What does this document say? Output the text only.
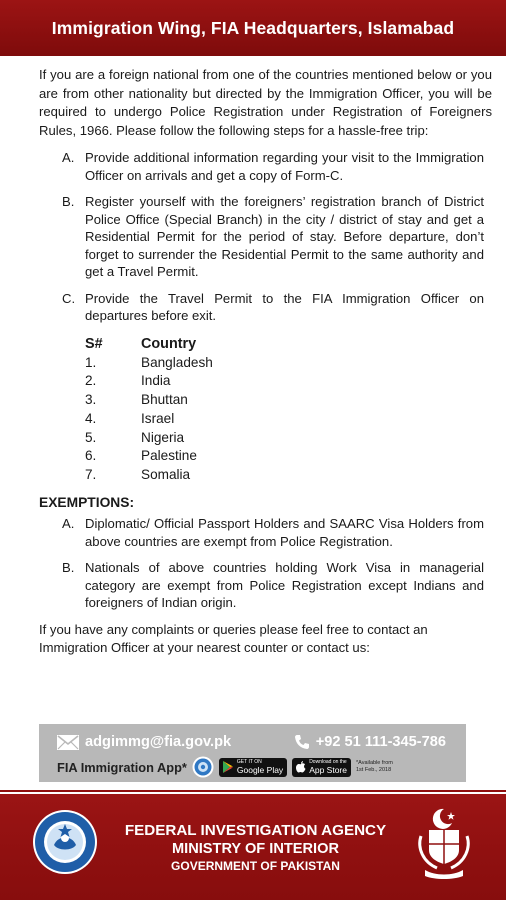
Immigration Wing, FIA Headquarters, Islamabad

If you are a foreign national from one of the countries mentioned below or you are from other nationality but directed by the Immigration Officer, you will be required to undergo Police Registration under Registration of Foreigners Rules, 1966. Please follow the following steps for a hassle-free trip:

A. Provide additional information regarding your visit to the Immigration Officer on arrivals and get a copy of Form-C.
B. Register yourself with the foreigners’ registration branch of District Police Office (Special Branch) in the city / district of stay and get a Residential Permit for the period of stay. Before departure, don’t forget to surrender the Residential Permit to the same authority and get a Travel Permit.
C. Provide the Travel Permit to the FIA Immigration Officer on departures before exit.
S#	Country
1.	Bangladesh
2.	India
3.	Bhuttan
4.	Israel
5.	Nigeria
6.	Palestine
7.	Somalia
EXEMPTIONS:
A. Diplomatic/ Official Passport Holders and SAARC Visa Holders from above countries are exempt from Police Registration.
B. Nationals of above countries holding Work Visa in managerial category are exempt from Police Registration except Indians and foreigners of Indian origin.

If you have any complaints or queries please feel free to contact an Immigration Officer at your nearest counter or contact us:

adgimmg@fia.gov.pk	+92 51 111-345-786
FIA Immigration App*	GET IT ON
Google Play
Download on the
App Store
*Available from
1st Feb., 2018
FEDERAL INVESTIGATION AGENCY
MINISTRY OF INTERIOR
GOVERNMENT OF PAKISTAN
